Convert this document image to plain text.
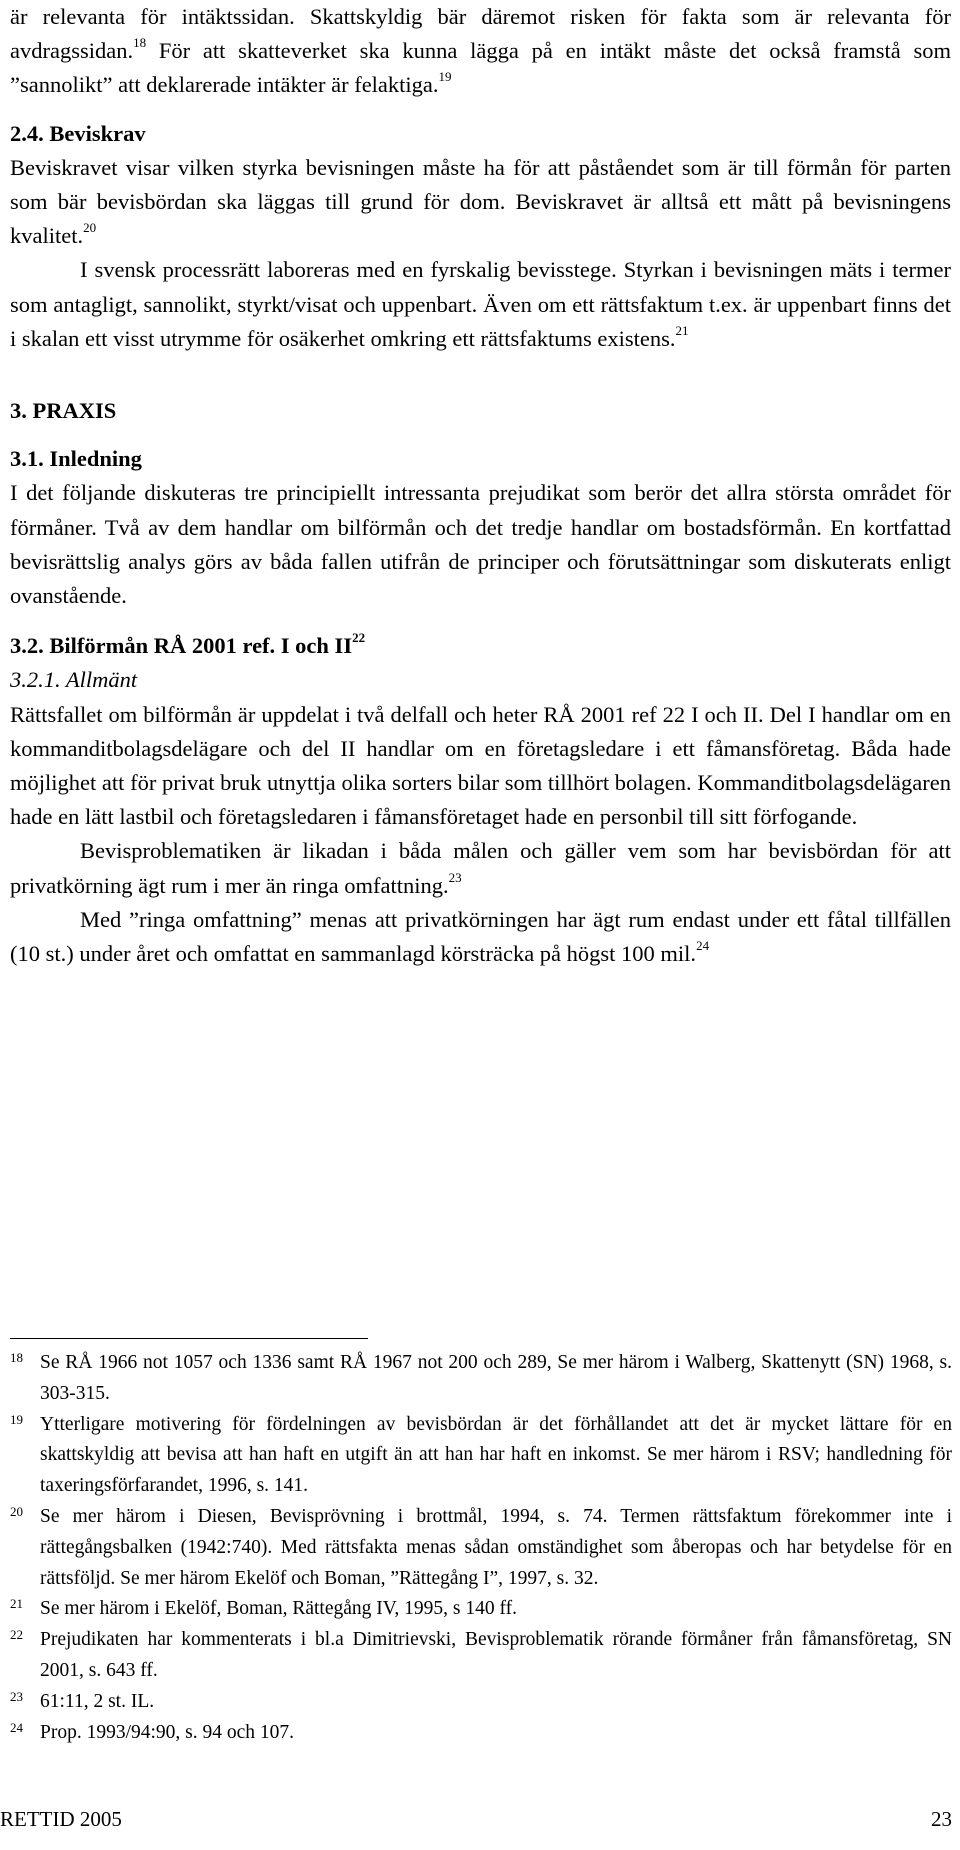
är relevanta för intäktssidan. Skattskyldig bär däremot risken för fakta som är relevanta för avdragssidan.$^{18}$ För att skatteverket ska kunna lägga på en intäkt måste det också framstå som ”sannolikt” att deklarerade intäkter är felaktiga.$^{19}$

2.4. Beviskrav

Beviskravet visar vilken styrka bevisningen måste ha för att påståendet som är till förmån för parten som bär bevisbördan ska läggas till grund för dom. Beviskravet är alltså ett mått på bevisningens kvalitet.$^{20}$

I svensk processrätt laboreras med en fyrskalig bevisstege. Styrkan i bevisningen mäts i termer som antagligt, sannolikt, styrkt/visat och uppenbart. Även om ett rättsfaktum t.ex. är uppenbart finns det i skalan ett visst utrymme för osäkerhet omkring ett rättsfaktums existens.$^{21}$

3. PRAXIS
3.1. Inledning

I det följande diskuteras tre principiellt intressanta prejudikat som berör det allra största området för förmåner. Två av dem handlar om bilförmån och det tredje handlar om bostadsförmån. En kortfattad bevisrättslig analys görs av båda fallen utifrån de principer och förutsättningar som diskuterats enligt ovanstående.

3.2. Bilförmån RÅ 2001 ref. I och II$^{22}$
3.2.1. Allmänt

Rättsfallet om bilförmån är uppdelat i två delfall och heter RÅ 2001 ref 22 I och II. Del I handlar om en kommanditbolagsdelägare och del II handlar om en företagsledare i ett fåmansföretag. Båda hade möjlighet att för privat bruk utnyttja olika sorters bilar som tillhört bolagen. Kommanditbolagsdelägaren hade en lätt lastbil och företagsledaren i fåmansföretaget hade en personbil till sitt förfogande.

Bevisproblematiken är likadan i båda målen och gäller vem som har bevisbördan för att privatkörning ägt rum i mer än ringa omfattning.$^{23}$

Med ”ringa omfattning” menas att privatkörningen har ägt rum endast under ett fåtal tillfällen (10 st.) under året och omfattat en sammanlagd körsträcka på högst 100 mil.$^{24}$

18 Se RÅ 1966 not 1057 och 1336 samt RÅ 1967 not 200 och 289, Se mer härom i Walberg, Skattenytt (SN) 1968, s. 303-315.
19 Ytterligare motivering för fördelningen av bevisbördan är det förhållandet att det är mycket lättare för en skattskyldig att bevisa att han haft en utgift än att han har haft en inkomst. Se mer härom i RSV; handledning för taxeringsförfarandet, 1996, s. 141.
20 Se mer härom i Diesen, Bevisprövning i brottmål, 1994, s. 74. Termen rättsfaktum förekommer inte i rättegångsbalken (1942:740). Med rättsfakta menas sådan omständighet som åberopas och har betydelse för en rättsföljd. Se mer härom Ekelöf och Boman, ”Rättegång I”, 1997, s. 32.
21 Se mer härom i Ekelöf, Boman, Rättegång IV, 1995, s 140 ff.
22 Prejudikaten har kommenterats i bl.a Dimitrievski, Bevisproblematik rörande förmåner från fåmansföretag, SN 2001, s. 643 ff.
23 61:11, 2 st. IL.
24 Prop. 1993/94:90, s. 94 och 107.
RETTID 2005	23
